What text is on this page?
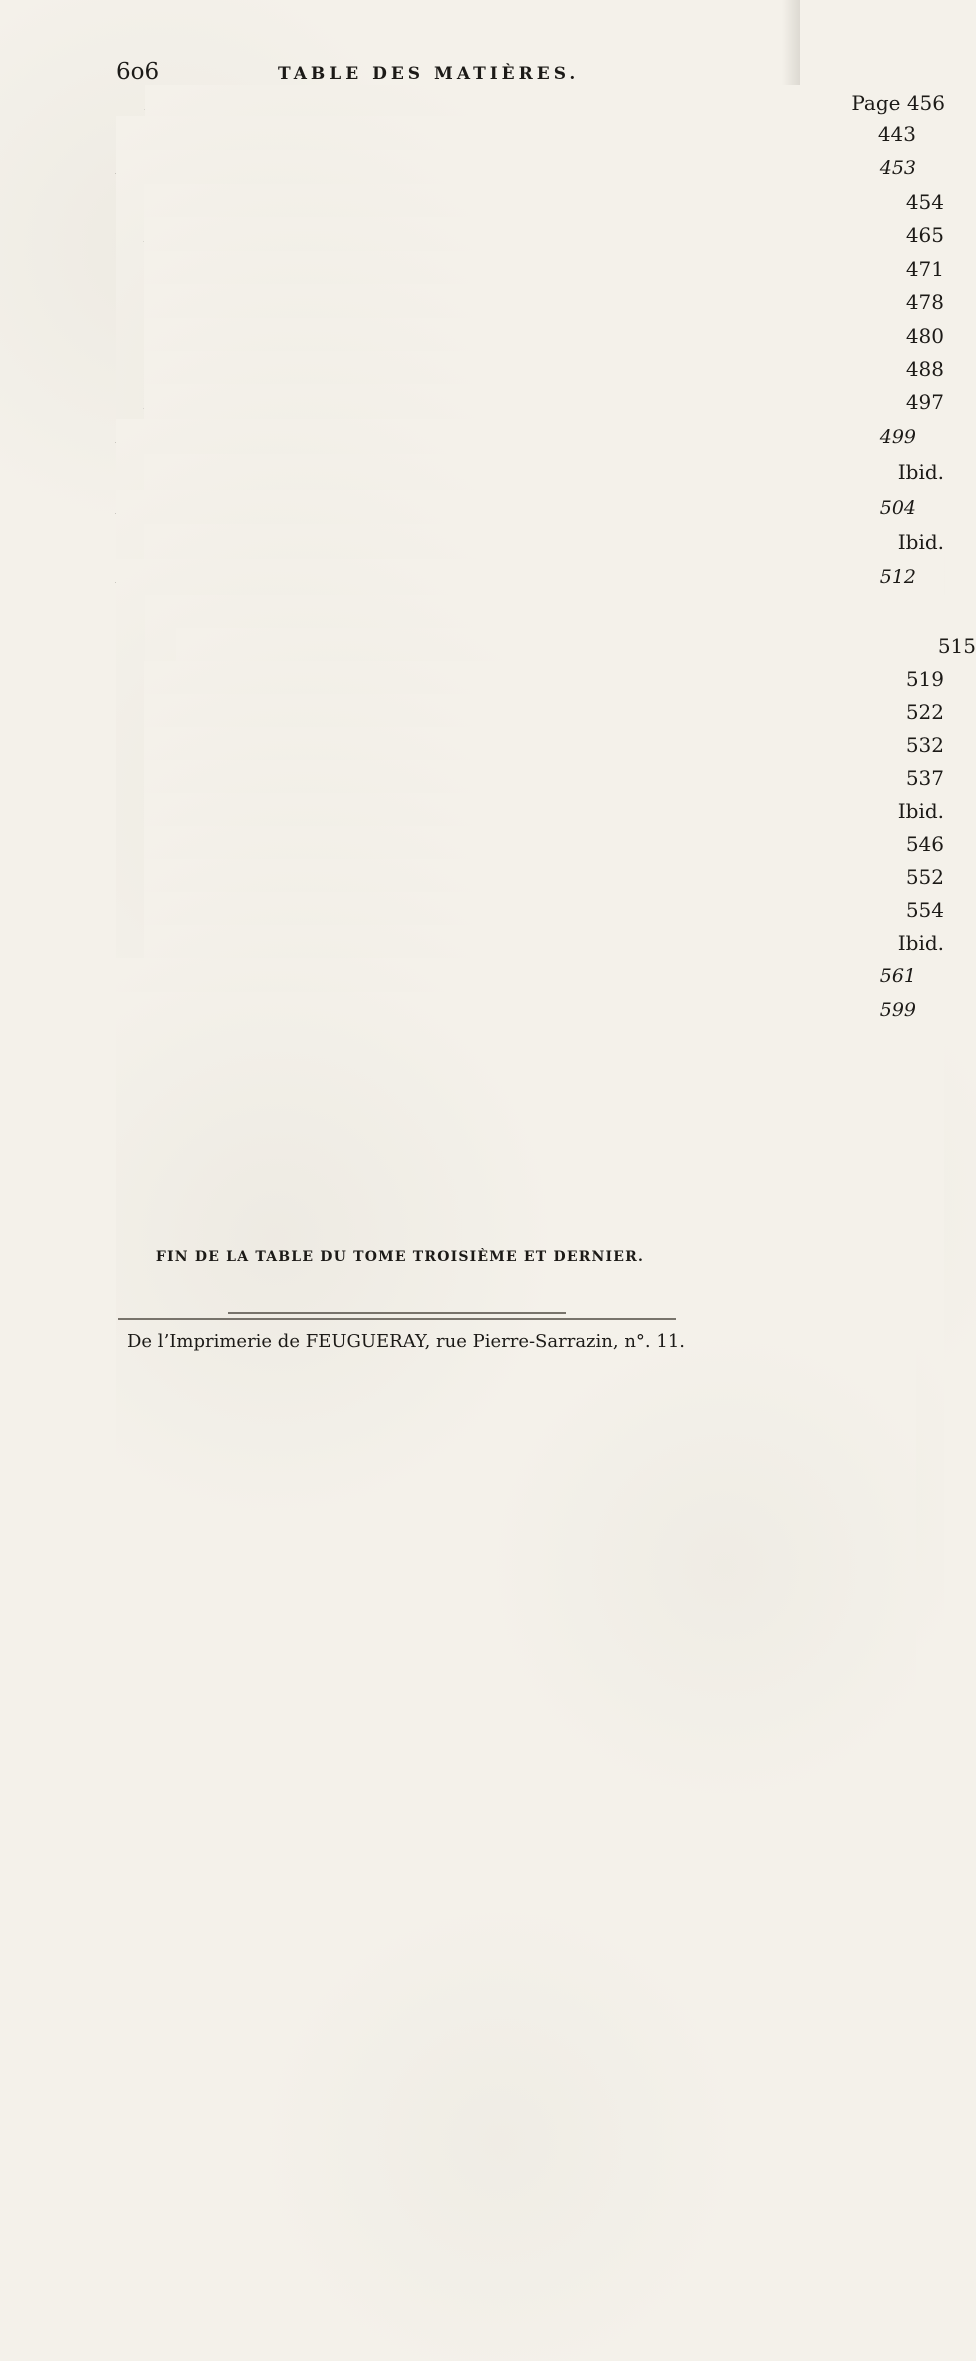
6o6	TABLE DES MATIÈRES.
Page 456
443
453
454
465
471
478
480
488
497
499
Ibid.
504
Ibid.
512
515
519
522
532
537
Ibid.
546
552
554
Ibid.
561
599
FIN DE LA TABLE DU TOME TROISIÈME ET DERNIER.
De l’Imprimerie de FEUGUERAY, rue Pierre-Sarrazin, n°. 11.
